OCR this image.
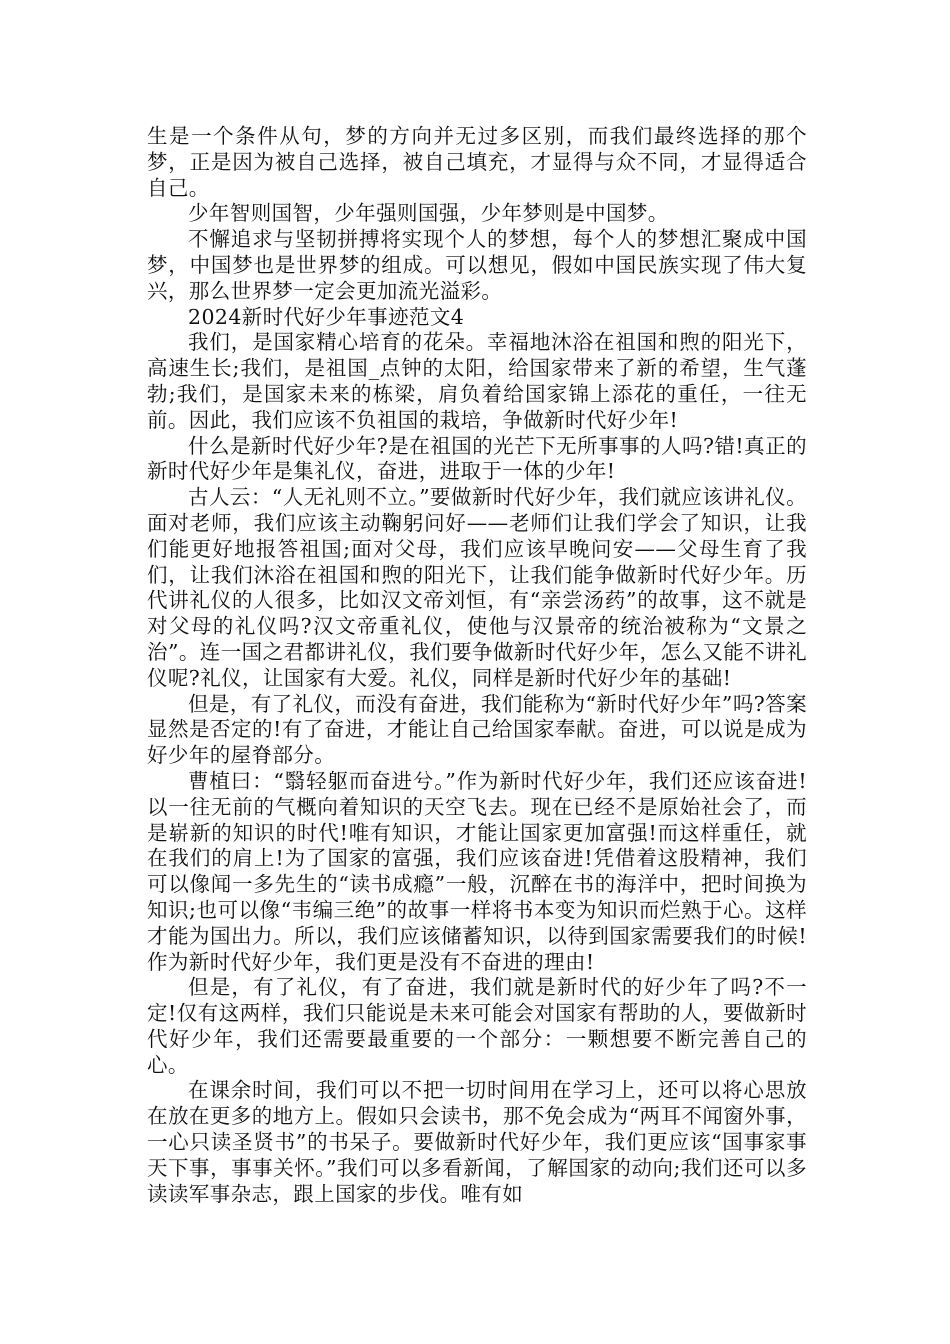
生是一个条件从句，梦的方向并无过多区别，而我们最终选择的那个梦，正是因为被自己选择，被自己填充，才显得与众不同，才显得适合自己。

少年智则国智，少年强则国强，少年梦则是中国梦。

不懈追求与坚韧拼搏将实现个人的梦想，每个人的梦想汇聚成中国梦，中国梦也是世界梦的组成。可以想见，假如中国民族实现了伟大复兴，那么世界梦一定会更加流光溢彩。

2024新时代好少年事迹范文4

我们，是国家精心培育的花朵。幸福地沐浴在祖国和煦的阳光下，高速生长;我们，是祖国_点钟的太阳，给国家带来了新的希望，生气蓬勃;我们，是国家未来的栋梁，肩负着给国家锦上添花的重任，一往无前。因此，我们应该不负祖国的栽培，争做新时代好少年!

什么是新时代好少年?是在祖国的光芒下无所事事的人吗?错!真正的新时代好少年是集礼仪，奋进，进取于一体的少年!

古人云：“人无礼则不立。”要做新时代好少年，我们就应该讲礼仪。面对老师，我们应该主动鞠躬问好——老师们让我们学会了知识，让我们能更好地报答祖国;面对父母，我们应该早晚问安——父母生育了我们，让我们沐浴在祖国和煦的阳光下，让我们能争做新时代好少年。历代讲礼仪的人很多，比如汉文帝刘恒，有“亲尝汤药”的故事，这不就是对父母的礼仪吗?汉文帝重礼仪，使他与汉景帝的统治被称为“文景之治”。连一国之君都讲礼仪，我们要争做新时代好少年，怎么又能不讲礼仪呢?礼仪，让国家有大爱。礼仪，同样是新时代好少年的基础!

但是，有了礼仪，而没有奋进，我们能称为“新时代好少年”吗?答案显然是否定的!有了奋进，才能让自己给国家奉献。奋进，可以说是成为好少年的屋脊部分。

曹植曰：“翳轻躯而奋进兮。”作为新时代好少年，我们还应该奋进!以一往无前的气概向着知识的天空飞去。现在已经不是原始社会了，而是崭新的知识的时代!唯有知识，才能让国家更加富强!而这样重任，就在我们的肩上!为了国家的富强，我们应该奋进!凭借着这股精神，我们可以像闻一多先生的“读书成瘾”一般，沉醉在书的海洋中，把时间换为知识;也可以像“韦编三绝”的故事一样将书本变为知识而烂熟于心。这样才能为国出力。所以，我们应该储蓄知识，以待到国家需要我们的时候!作为新时代好少年，我们更是没有不奋进的理由!

但是，有了礼仪，有了奋进，我们就是新时代的好少年了吗?不一定!仅有这两样，我们只能说是未来可能会对国家有帮助的人，要做新时代好少年，我们还需要最重要的一个部分：一颗想要不断完善自己的心。

在课余时间，我们可以不把一切时间用在学习上，还可以将心思放在放在更多的地方上。假如只会读书，那不免会成为“两耳不闻窗外事，一心只读圣贤书”的书呆子。要做新时代好少年，我们更应该“国事家事天下事，事事关怀。”我们可以多看新闻，了解国家的动向;我们还可以多读读军事杂志，跟上国家的步伐。唯有如
